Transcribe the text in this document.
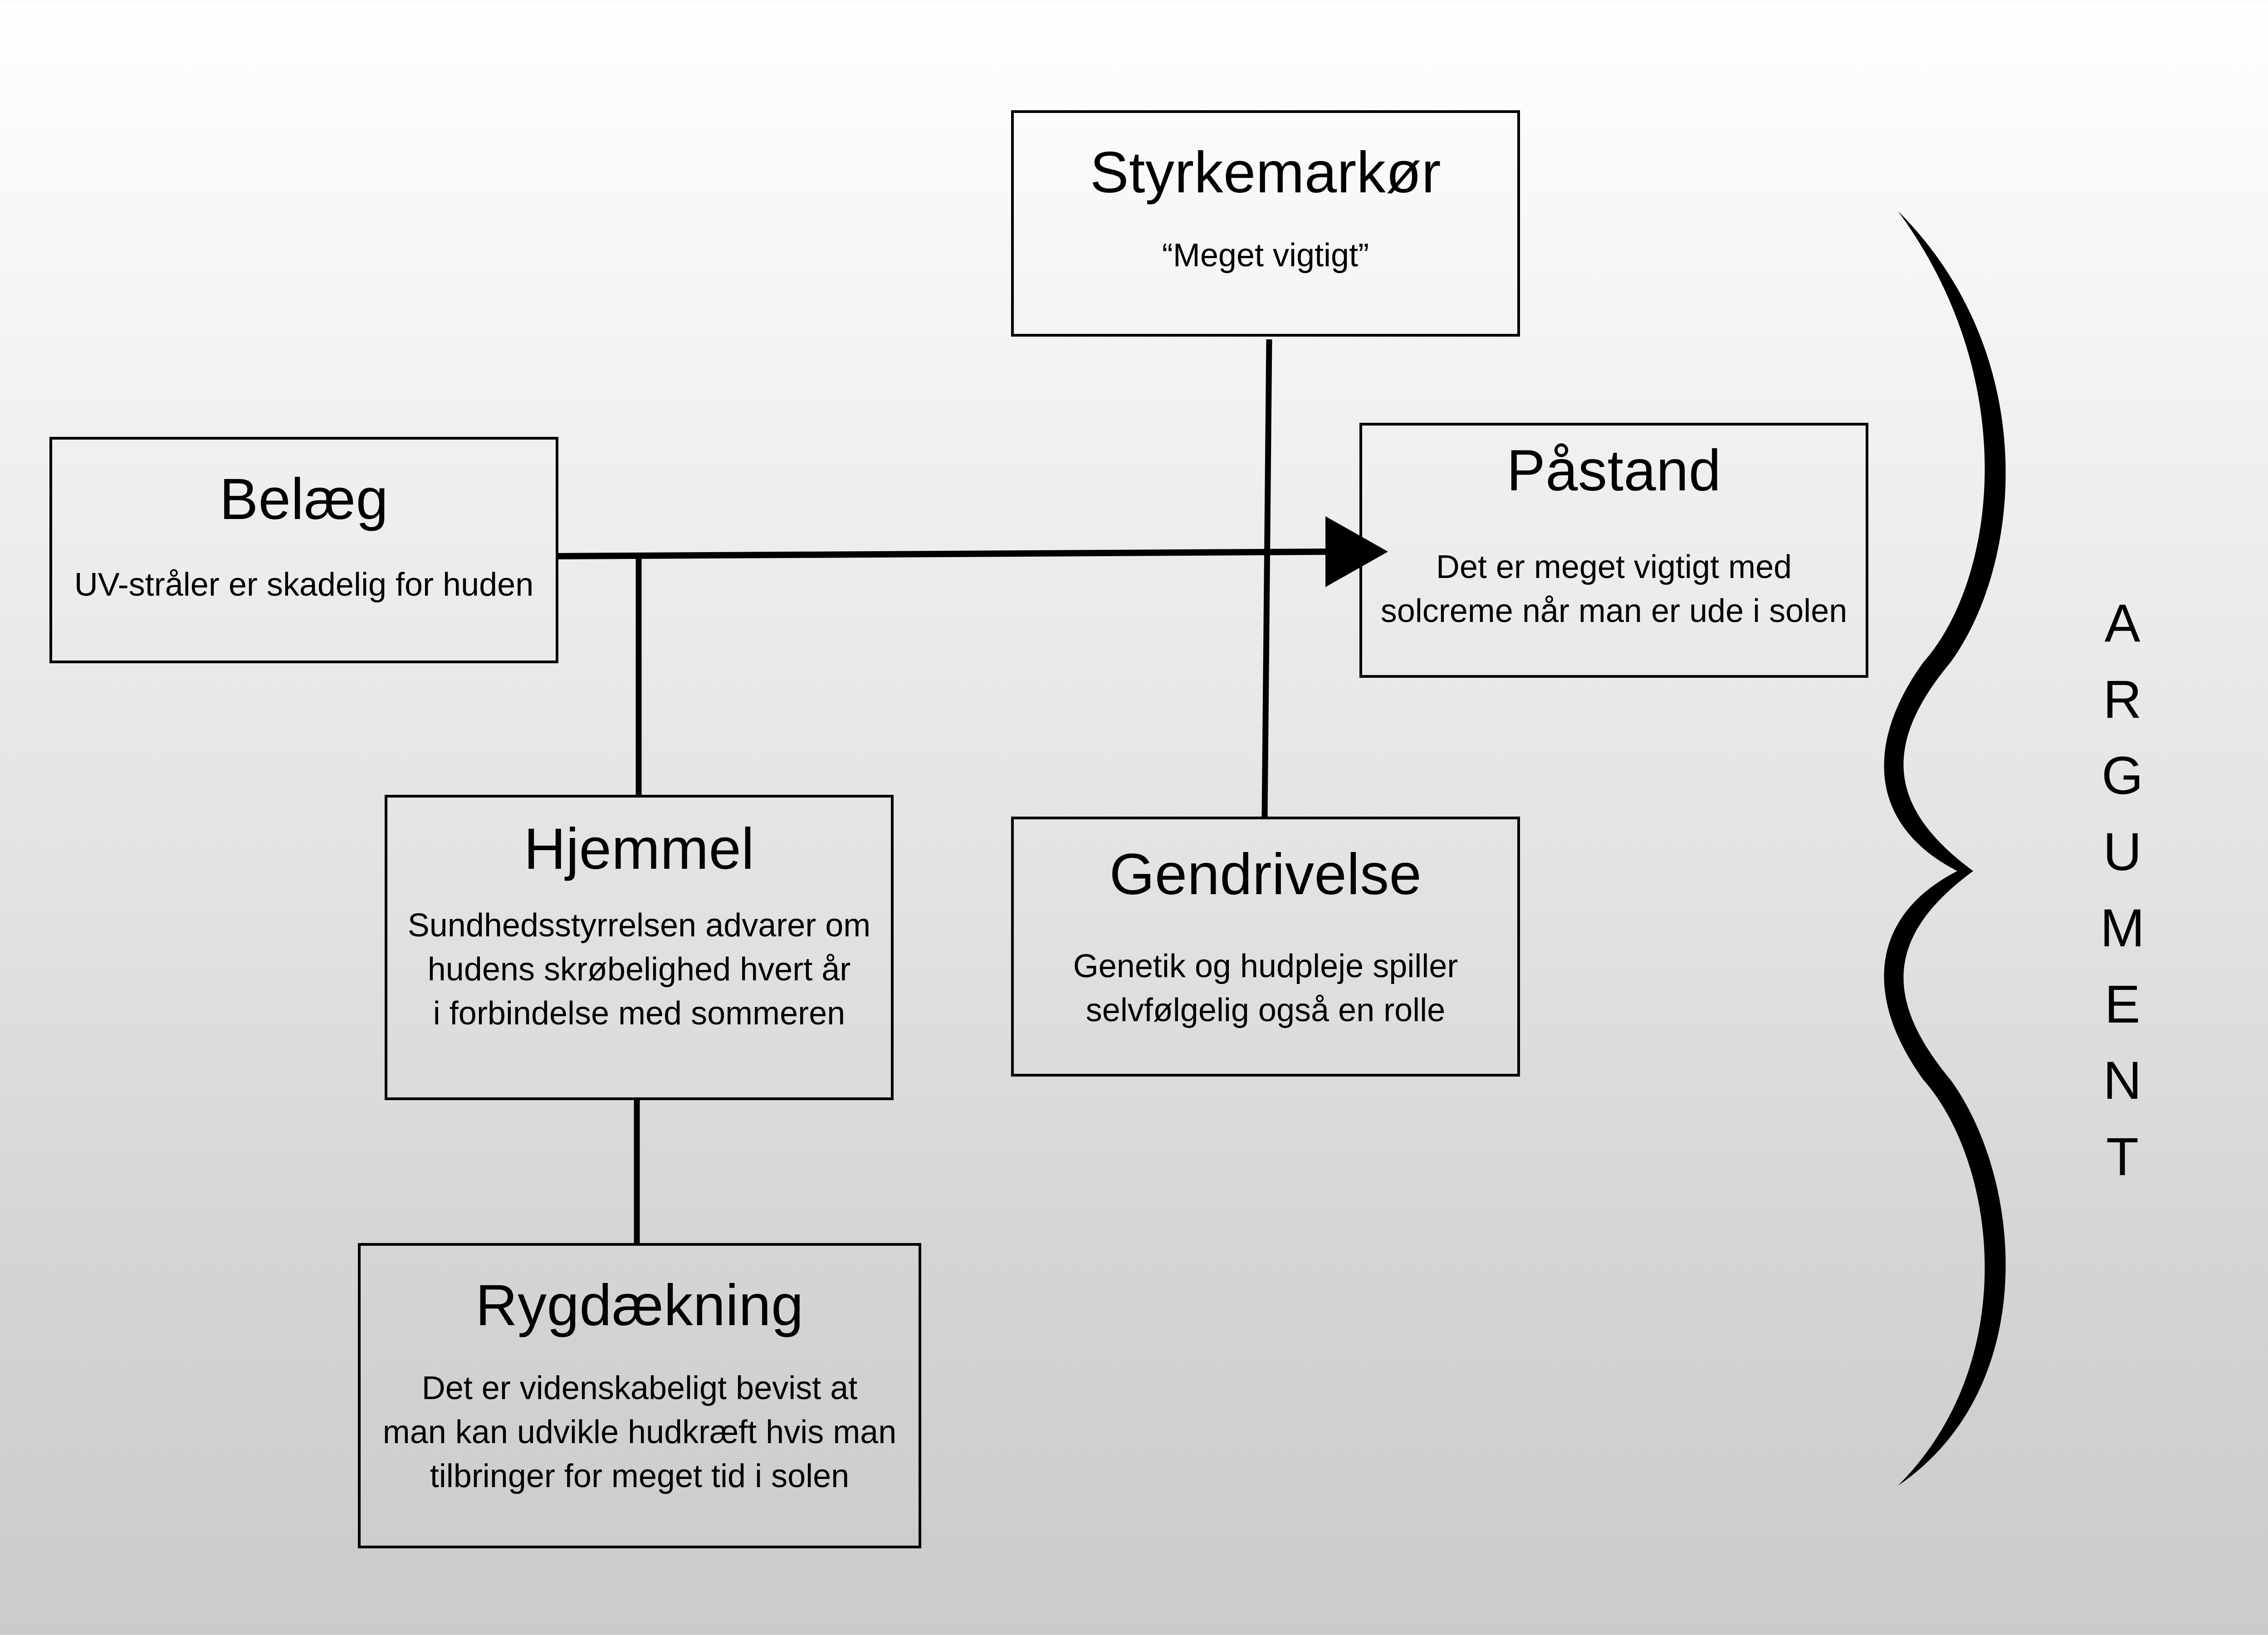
Styrkemarkør
“Meget vigtigt”
Belæg
UV-stråler er skadelig for huden
Påstand
Det er meget vigtigt med
solcreme når man er ude i solen
Hjemmel
Sundhedsstyrrelsen advarer om
hudens skrøbelighed hvert år
i forbindelse med sommeren
Gendrivelse
Genetik og hudpleje spiller
selvfølgelig også en rolle
Rygdækning
Det er videnskabeligt bevist at
man kan udvikle hudkræft hvis man
tilbringer for meget tid i solen
ARGUMENT
